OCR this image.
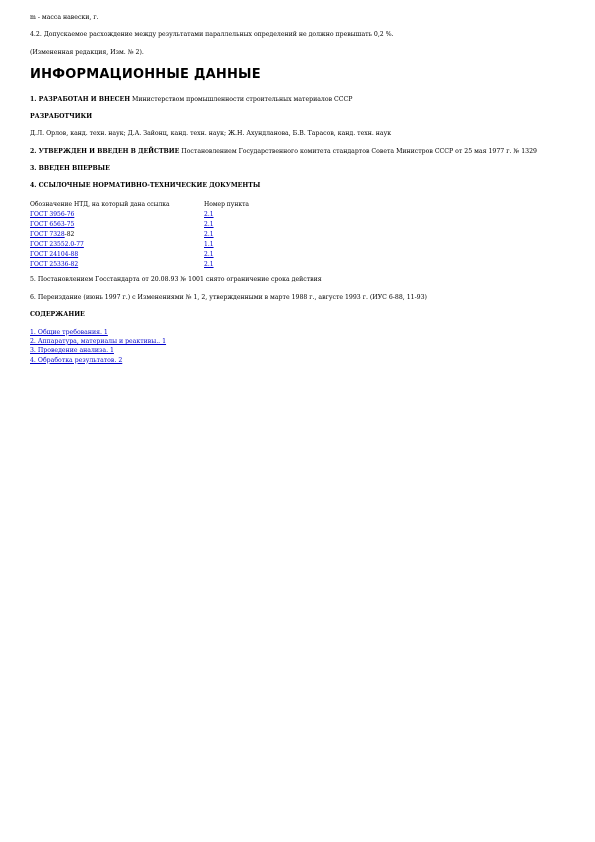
m - масса навески, г.
4.2. Допускаемое расхождение между результатами параллельных определений не должно превышать 0,2 %.
(Измененная редакция, Изм. № 2).
ИНФОРМАЦИОННЫЕ ДАННЫЕ
1. РАЗРАБОТАН И ВНЕСЕН Министерством промышленности строительных материалов СССР
РАЗРАБОТЧИКИ
Д.Л. Орлов, канд. техн. наук; Д.А. Зайонц, канд. техн. наук; Ж.Н. Ахундланова, Б.В. Тарасов, канд. техн. наук
2. УТВЕРЖДЕН И ВВЕДЕН В ДЕЙСТВИЕ Постановлением Государственного комитета стандартов Совета Министров СССР от 25 мая 1977 г. № 1329
3. ВВЕДЕН ВПЕРВЫЕ
4. ССЫЛОЧНЫЕ НОРМАТИВНО-ТЕХНИЧЕСКИЕ ДОКУМЕНТЫ
Обозначение НТД, на который дана ссылка	Номер пункта
ГОСТ 3956-76	2.1
ГОСТ 6563-75	2.1
ГОСТ 7328-82	2.1
ГОСТ 23552.0-77	1.1
ГОСТ 24104-88	2.1
ГОСТ 25336-82	2.1
5. Постановлением Госстандарта от 20.08.93 № 1001 снято ограничение срока действия
6. Переиздание (июнь 1997 г.) с Изменениями № 1, 2, утвержденными в марте 1988 г., августе 1993 г. (ИУС 6-88, 11-93)
СОДЕРЖАНИЕ
1. Общие требования. 1
2. Аппаратура, материалы и реактивы.. 1
3. Проведение анализа. 1
4. Обработка результатов. 2
